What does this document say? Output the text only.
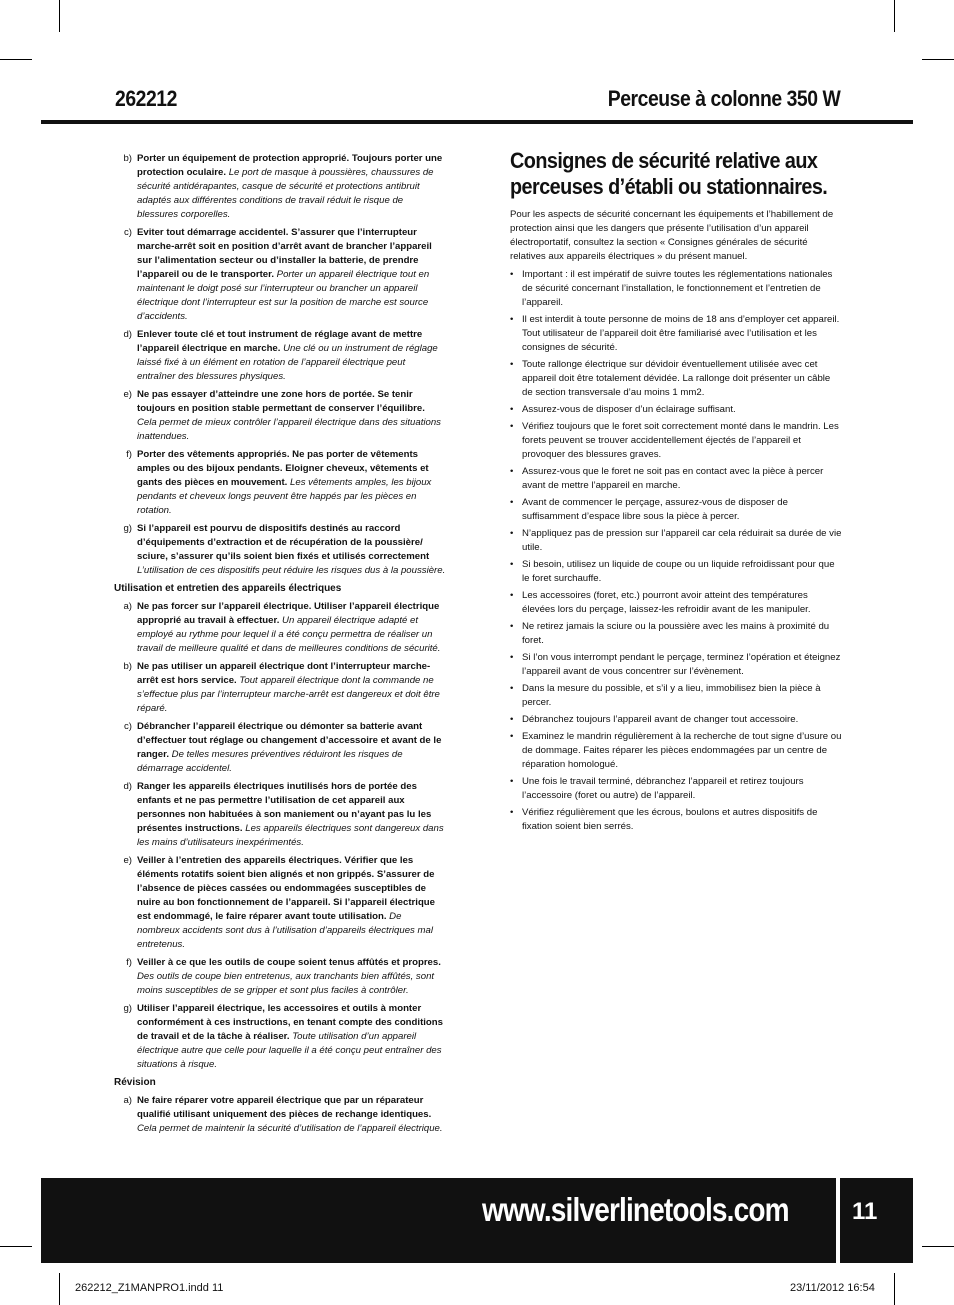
262212	Perceuse à colonne 350 W
b) Porter un équipement de protection approprié. Toujours porter une protection oculaire. Le port de masque à poussières, chaussures de sécurité antidérapantes, casque de sécurité et protections antibruit adaptés aux différentes conditions de travail réduit le risque de blessures corporelles.
c) Eviter tout démarrage accidentel. S’assurer que l’interrupteur marche-arrêt soit en position d’arrêt avant de brancher l’appareil sur l’alimentation secteur ou d’installer la batterie, de prendre l’appareil ou de le transporter. Porter un appareil électrique tout en maintenant le doigt posé sur l’interrupteur ou brancher un appareil électrique dont l’interrupteur est sur la position de marche est source d’accidents.
d) Enlever toute clé et tout instrument de réglage avant de mettre l’appareil électrique en marche. Une clé ou un instrument de réglage laissé fixé à un élément en rotation de l’appareil électrique peut entraîner des blessures physiques.
e) Ne pas essayer d’atteindre une zone hors de portée. Se tenir toujours en position stable permettant de conserver l’équilibre. Cela permet de mieux contrôler l’appareil électrique dans des situations inattendues.
f) Porter des vêtements appropriés. Ne pas porter de vêtements amples ou des bijoux pendants. Eloigner cheveux, vêtements et gants des pièces en mouvement. Les vêtements amples, les bijoux pendants et cheveux longs peuvent être happés par les pièces en rotation.
g) Si l’appareil est pourvu de dispositifs destinés au raccord d’équipements d’extraction et de récupération de la poussière/ sciure, s’assurer qu’ils soient bien fixés et utilisés correctement L’utilisation de ces dispositifs peut réduire les risques dus à la poussière.
Utilisation et entretien des appareils électriques
a) Ne pas forcer sur l’appareil électrique. Utiliser l’appareil électrique approprié au travail à effectuer. Un appareil électrique adapté et employé au rythme pour lequel il a été conçu permettra de réaliser un travail de meilleure qualité et dans de meilleures conditions de sécurité.
b) Ne pas utiliser un appareil électrique dont l’interrupteur marche-arrêt est hors service. Tout appareil électrique dont la commande ne s’effectue plus par l’interrupteur marche-arrêt est dangereux et doit être réparé.
c) Débrancher l’appareil électrique ou démonter sa batterie avant d’effectuer tout réglage ou changement d’accessoire et avant de le ranger. De telles mesures préventives réduiront les risques de démarrage accidentel.
d) Ranger les appareils électriques inutilisés hors de portée des enfants et ne pas permettre l’utilisation de cet appareil aux personnes non habituées à son maniement ou n’ayant pas lu les présentes instructions. Les appareils électriques sont dangereux dans les mains d’utilisateurs inexpérimentés.
e) Veiller à l’entretien des appareils électriques. Vérifier que les éléments rotatifs soient bien alignés et non grippés. S’assurer de l’absence de pièces cassées ou endommagées susceptibles de nuire au bon fonctionnement de l’appareil. Si l’appareil électrique est endommagé, le faire réparer avant toute utilisation. De nombreux accidents sont dus à l’utilisation d’appareils électriques mal entretenus.
f) Veiller à ce que les outils de coupe soient tenus affûtés et propres. Des outils de coupe bien entretenus, aux tranchants bien affûtés, sont moins susceptibles de se gripper et sont plus faciles à contrôler.
g) Utiliser l’appareil électrique, les accessoires et outils à monter conformément à ces instructions, en tenant compte des conditions de travail et de la tâche à réaliser. Toute utilisation d’un appareil électrique autre que celle pour laquelle il a été conçu peut entraîner des situations à risque.
Révision
a) Ne faire réparer votre appareil électrique que par un réparateur qualifié utilisant uniquement des pièces de rechange identiques. Cela permet de maintenir la sécurité d’utilisation de l’appareil électrique.
Consignes de sécurité relative aux perceuses d’établi ou stationnaires.
Pour les aspects de sécurité concernant les équipements et l’habillement de protection ainsi que les dangers que présente l’utilisation d’un appareil électroportatif, consultez la section « Consignes générales de sécurité relatives aux appareils électriques » du présent manuel.
• Important : il est impératif de suivre toutes les réglementations nationales de sécurité concernant l’installation, le fonctionnement et l’entretien de l’appareil.
• Il est interdit à toute personne de moins de 18 ans d’employer cet appareil. Tout utilisateur de l’appareil doit être familiarisé avec l’utilisation et les consignes de sécurité.
• Toute rallonge électrique sur dévidoir éventuellement utilisée avec cet appareil doit être totalement dévidée. La rallonge doit présenter un câble de section transversale d’au moins 1 mm2.
• Assurez-vous de disposer d’un éclairage suffisant.
• Vérifiez toujours que le foret soit correctement monté dans le mandrin. Les forets peuvent se trouver accidentellement éjectés de l’appareil et provoquer des blessures graves.
• Assurez-vous que le foret ne soit pas en contact avec la pièce à percer avant de mettre l’appareil en marche.
• Avant de commencer le perçage, assurez-vous de disposer de suffisamment d’espace libre sous la pièce à percer.
• N’appliquez pas de pression sur l’appareil car cela réduirait sa durée de vie utile.
• Si besoin, utilisez un liquide de coupe ou un liquide refroidissant pour que le foret surchauffe.
• Les accessoires (foret, etc.) pourront avoir atteint des températures élevées lors du perçage, laissez-les refroidir avant de les manipuler.
• Ne retirez jamais la sciure ou la poussière avec les mains à proximité du foret.
• Si l’on vous interrompt pendant le perçage, terminez l’opération et éteignez l’appareil avant de vous concentrer sur l’évènement.
• Dans la mesure du possible, et s’il y a lieu, immobilisez bien la pièce à percer.
• Débranchez toujours l’appareil avant de changer tout accessoire.
• Examinez le mandrin régulièrement à la recherche de tout signe d’usure ou de dommage. Faites réparer les pièces endommagées par un centre de réparation homologué.
• Une fois le travail terminé, débranchez l’appareil et retirez toujours l’accessoire (foret ou autre) de l’appareil.
• Vérifiez régulièrement que les écrous, boulons et autres dispositifs de fixation soient bien serrés.
www.silverlinetools.com	11
262212_Z1MANPRO1.indd 11	23/11/2012 16:54
